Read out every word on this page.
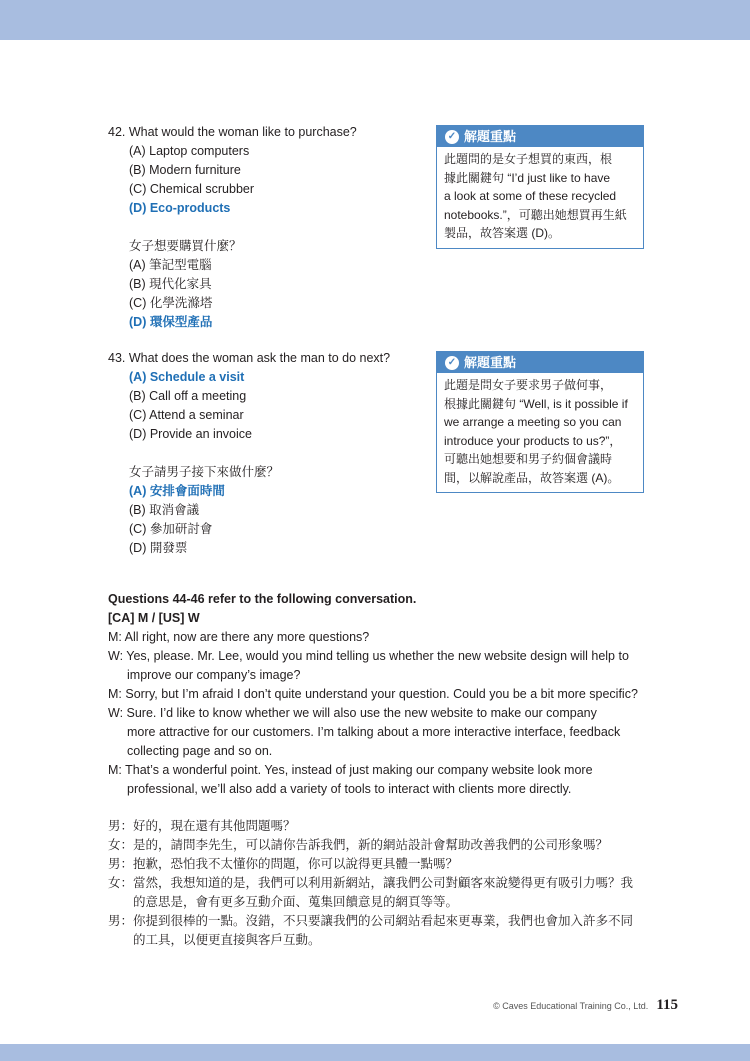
42. What would the woman like to purchase?
(A) Laptop computers
(B) Modern furniture
(C) Chemical scrubber
(D) Eco-products
女子想要購買什麼？
(A) 筆記型電腦
(B) 現代化家具
(C) 化學洗滌塔
(D) 環保型產品
✓ 解題重點
此題問的是女子想買的東西，根
據此關鍵句 “I’d just like to have
a look at some of these recycled
notebooks.”，可聽出她想買再生紙
製品，故答案選 (D)。
43. What does the woman ask the man to do next?
(A) Schedule a visit
(B) Call off a meeting
(C) Attend a seminar
(D) Provide an invoice
女子請男子接下來做什麼？
(A) 安排會面時間
(B) 取消會議
(C) 參加研討會
(D) 開發票
✓ 解題重點
此題是問女子要求男子做何事，
根據此關鍵句 “Well, is it possible if
we arrange a meeting so you can
introduce your products to us?”，
可聽出她想要和男子約個會議時
間，以解說產品，故答案選 (A)。
Questions 44-46 refer to the following conversation.
[CA] M / [US] W
M: All right, now are there any more questions?
W: Yes, please. Mr. Lee, would you mind telling us whether the new website design will help to
improve our company’s image?
M: Sorry, but I’m afraid I don’t quite understand your question. Could you be a bit more specific?
W: Sure. I’d like to know whether we will also use the new website to make our company
more attractive for our customers. I’m talking about a more interactive interface, feedback
collecting page and so on.
M: That’s a wonderful point. Yes, instead of just making our company website look more
professional, we’ll also add a variety of tools to interact with clients more directly.
男：好的，現在還有其他問題嗎？
女：是的，請問李先生，可以請你告訴我們，新的網站設計會幫助改善我們的公司形象嗎？
男：抱歉，恐怕我不太懂你的問題，你可以說得更具體一點嗎？
女：當然，我想知道的是，我們可以利用新網站，讓我們公司對顧客來說變得更有吸引力嗎？我
的意思是，會有更多互動介面、蒐集回饋意見的網頁等等。
男：你提到很棒的一點。沒錯，不只要讓我們的公司網站看起來更專業，我們也會加入許多不同
的工具，以便更直接與客戶互動。
© Caves Educational Training Co., Ltd. 115
